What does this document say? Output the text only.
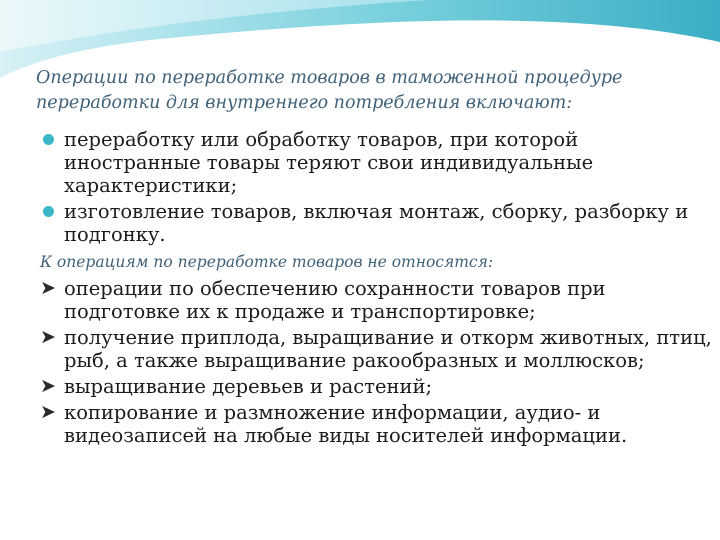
Операции по переработке товаров в таможенной процедуре переработки для внутреннего потребления включают:
переработку или обработку товаров, при которой иностранные товары теряют свои индивидуальные характеристики;
изготовление товаров, включая монтаж, сборку, разборку и подгонку.

К операциям по переработке товаров не относятся:

➤ операции по обеспечению сохранности товаров при подготовке их к продаже и транспортировке;
➤ получение приплода, выращивание и откорм животных, птиц, рыб, а также выращивание ракообразных и моллюсков;
➤ выращивание деревьев и растений;
➤ копирование и размножение информации, аудио- и видеозаписей на любые виды носителей информации.
